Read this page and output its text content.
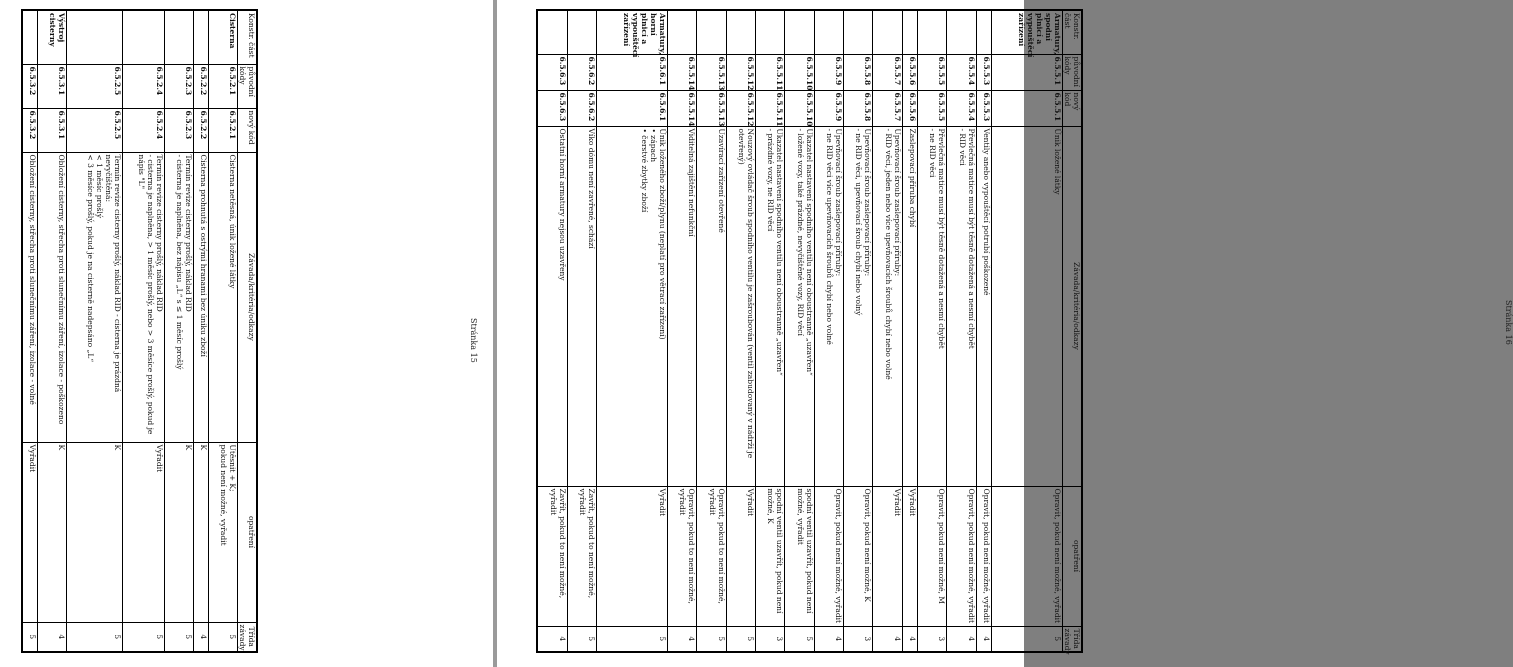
Konstr. část	původní kódy	nový kód	Závada/kritéria/odkazy	opatření	Třída závady
Cisterna	6.5.2.1	6.5.2.1	Cisterna netěsná, únik ložené látky	Utěsnit + K;
pokud není možné, vyřadit	5
	6.5.2.2	6.5.2.2	Cisterna prohnutá s ostrými hranami bez úniku zboží	K	4
	6.5.2.3	6.5.2.3	Termín revize cisterny prošlý, náklad RID
- cisterna je naplněna, bez nápisu „L“ s ≤ 1 měsíc prošlý	K	5
	6.5.2.4	6.5.2.4	Termín revize cisterny prošlý, náklad RID
- cisterna je naplněna, > 1 měsíc prošlý, nebo > 3 měsíce prošlý, pokud je nápis "L"	Vyřadit	5
	6.5.2.5	6.5.2.5	Termín revize cisterny prošlý, náklad RID - cisterna je prázdná nevyčištěná:
< 1 měsíc prošlý
< 3 měsíce prošlý, pokud je na cisterně nadepsáno „L“	K	5
Výstroj cisterny	6.5.3.1	6.5.3.1	Obložení cisterny, střecha proti slunečnímu záření, izolace - poškozeno	K	4
	6.5.3.2	6.5.3.2	Obložení cisterny, střecha proti slunečnímu záření, izolace - volné	Vyřadit	5
Stránka 15
Konstr. část	původní kódy	nový kód	Závada/kritéria/odkazy	opatření	Třída závady
Armatury, spodní plnicí a vypouštěcí zařízení	6.5.5.1	6.5.5.1	Únik ložené látky	Opravit, pokud není možné, vyřadit	5
	6.5.5.3	6.5.5.3	Ventily anebo vypouštěcí potrubí poškozené	Opravit, pokud není možné, vyřadit	4
	6.5.5.4	6.5.5.4	Převlečná matice musí být těsně dotažená a nesmí chybět
- RID věci	Opravit, pokud není možné, vyřadit	4
	6.5.5.5	6.5.5.5	Převlečná matice musí být těsně dotažená a nesmí chybět
- ne RID věci	Opravit, pokud není možné, M	3
	6.5.5.6	6.5.5.6	Zaslepovací příruba chybí	Vyřadit	4
	6.5.5.7	6.5.5.7	Upevňovací šroub zaslepovací příruby:
- RID věci, jeden nebo více upevňovacích šroubů chybí nebo volné	Vyřadit	4
	6.5.5.8	6.5.5.8	Upevňovací šroub zaslepovací příruby:
- ne RID věci, upevňovací šroub chybí nebo volný	Opravit, pokud není možné, K	3
	6.5.5.9	6.5.5.9	Upevňovací šroub zaslepovací příruby:
- ne RID věci více upevňovacích šroubů chybí nebo volné	Opravit, pokud není možné, vyřadit	4
	6.5.5.10	6.5.5.10	Ukazatel nastavení spodního ventilu není oboustranně „uzavřen“
- ložené vozy, také prázdné, nevyčištěné vozy, RID věcí	spodní ventil uzavřít, pokud není možné, vyřadit	5
	6.5.5.11	6.5.5.11	Ukazatel nastavení spodního ventilu není oboustranně „uzavřen“
- prázdné vozy, ne RID věcí	spodní ventil uzavřít, pokud není možné, K	3
	6.5.5.12	6.5.5.12	Nouzový ovládač šroub spodního ventilu je zašroubován (ventil zabudovaný v nádrži je otevřený)	Vyřadit	5
	6.5.5.13	6.5.5.13	Uzavírací zařízení otevřené	Opravit, pokud to není možné, vyřadit	5
	6.5.5.14	6.5.5.14	Viditelná zajištění nefunkční	Opravit, pokud to není možné, vyřadit	4
Armatury, horní plnicí a vypouštěcí zařízení	6.5.6.1	6.5.6.1	Únik loženého zboží/plynu (neplatí pro větrací zařízení)
• zápach
• čerstvé zbytky zboží	Vyřadit	5
	6.5.6.2	6.5.6.2	Víko dómu není zavřené, schází	Zavřít, pokud to není možné, vyřadit	5
	6.5.6.3	6.5.6.3	Ostatní horní armatury nejsou uzavřeny	Zavřít, pokud to není možné, vyřadit	4
Stránka 16
